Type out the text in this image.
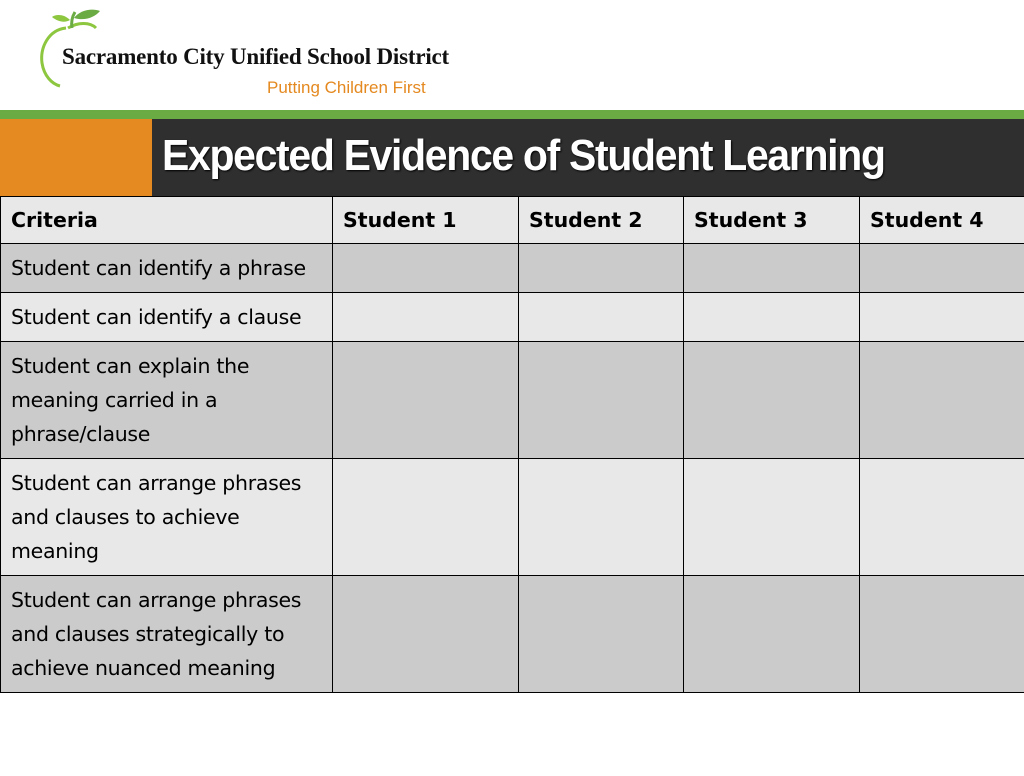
Sacramento City Unified School District
Putting Children First
Expected Evidence of Student Learning
Criteria	Student 1	Student 2	Student 3	Student 4
Student can identify a phrase				
Student can identify a clause				
Student can explain the meaning carried in a phrase/clause				
Student can arrange phrases and clauses to achieve meaning				
Student can arrange phrases and clauses strategically to achieve nuanced meaning				
